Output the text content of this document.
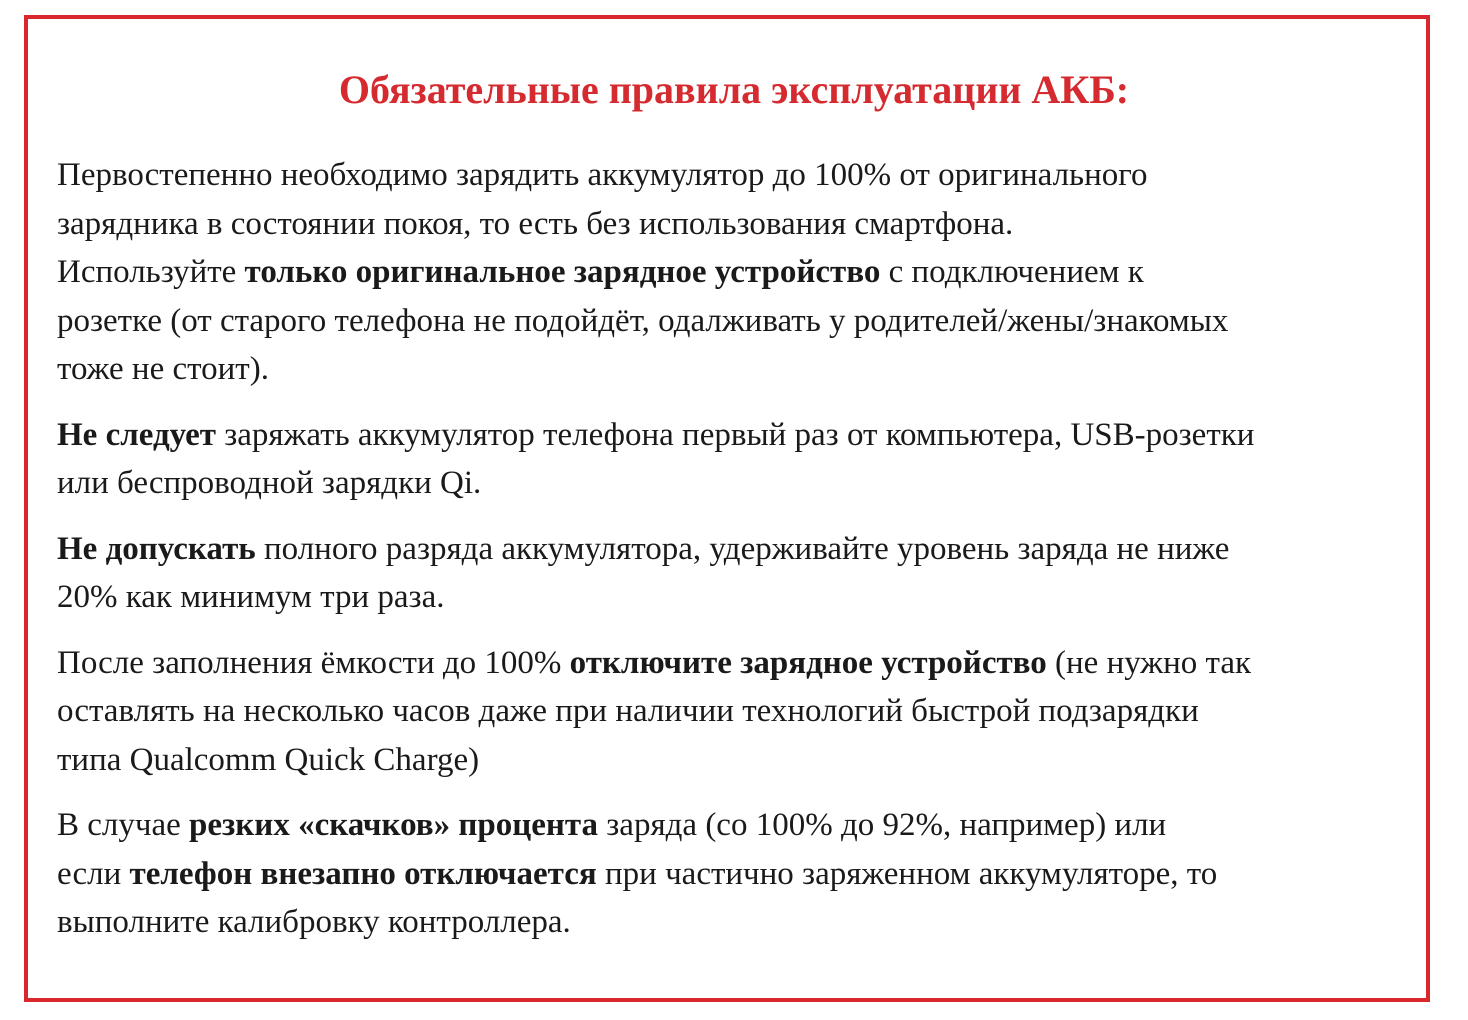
Обязательные правила эксплуатации АКБ:

Первостепенно необходимо зарядить аккумулятор до 100% от оригинального
зарядника в состоянии покоя, то есть без использования смартфона.
Используйте только оригинальное зарядное устройство с подключением к
розетке (от старого телефона не подойдёт, одалживать у родителей/жены/знакомых
тоже не стоит).

Не следует заряжать аккумулятор телефона первый раз от компьютера, USB-розетки
или беспроводной зарядки Qi.

Не допускать полного разряда аккумулятора, удерживайте уровень заряда не ниже
20% как минимум три раза.

После заполнения ёмкости до 100% отключите зарядное устройство (не нужно так
оставлять на несколько часов даже при наличии технологий быстрой подзарядки
типа Qualcomm Quick Charge)

В случае резких «скачков» процента заряда (со 100% до 92%, например) или
если телефон внезапно отключается при частично заряженном аккумуляторе, то
выполните калибровку контроллера.
